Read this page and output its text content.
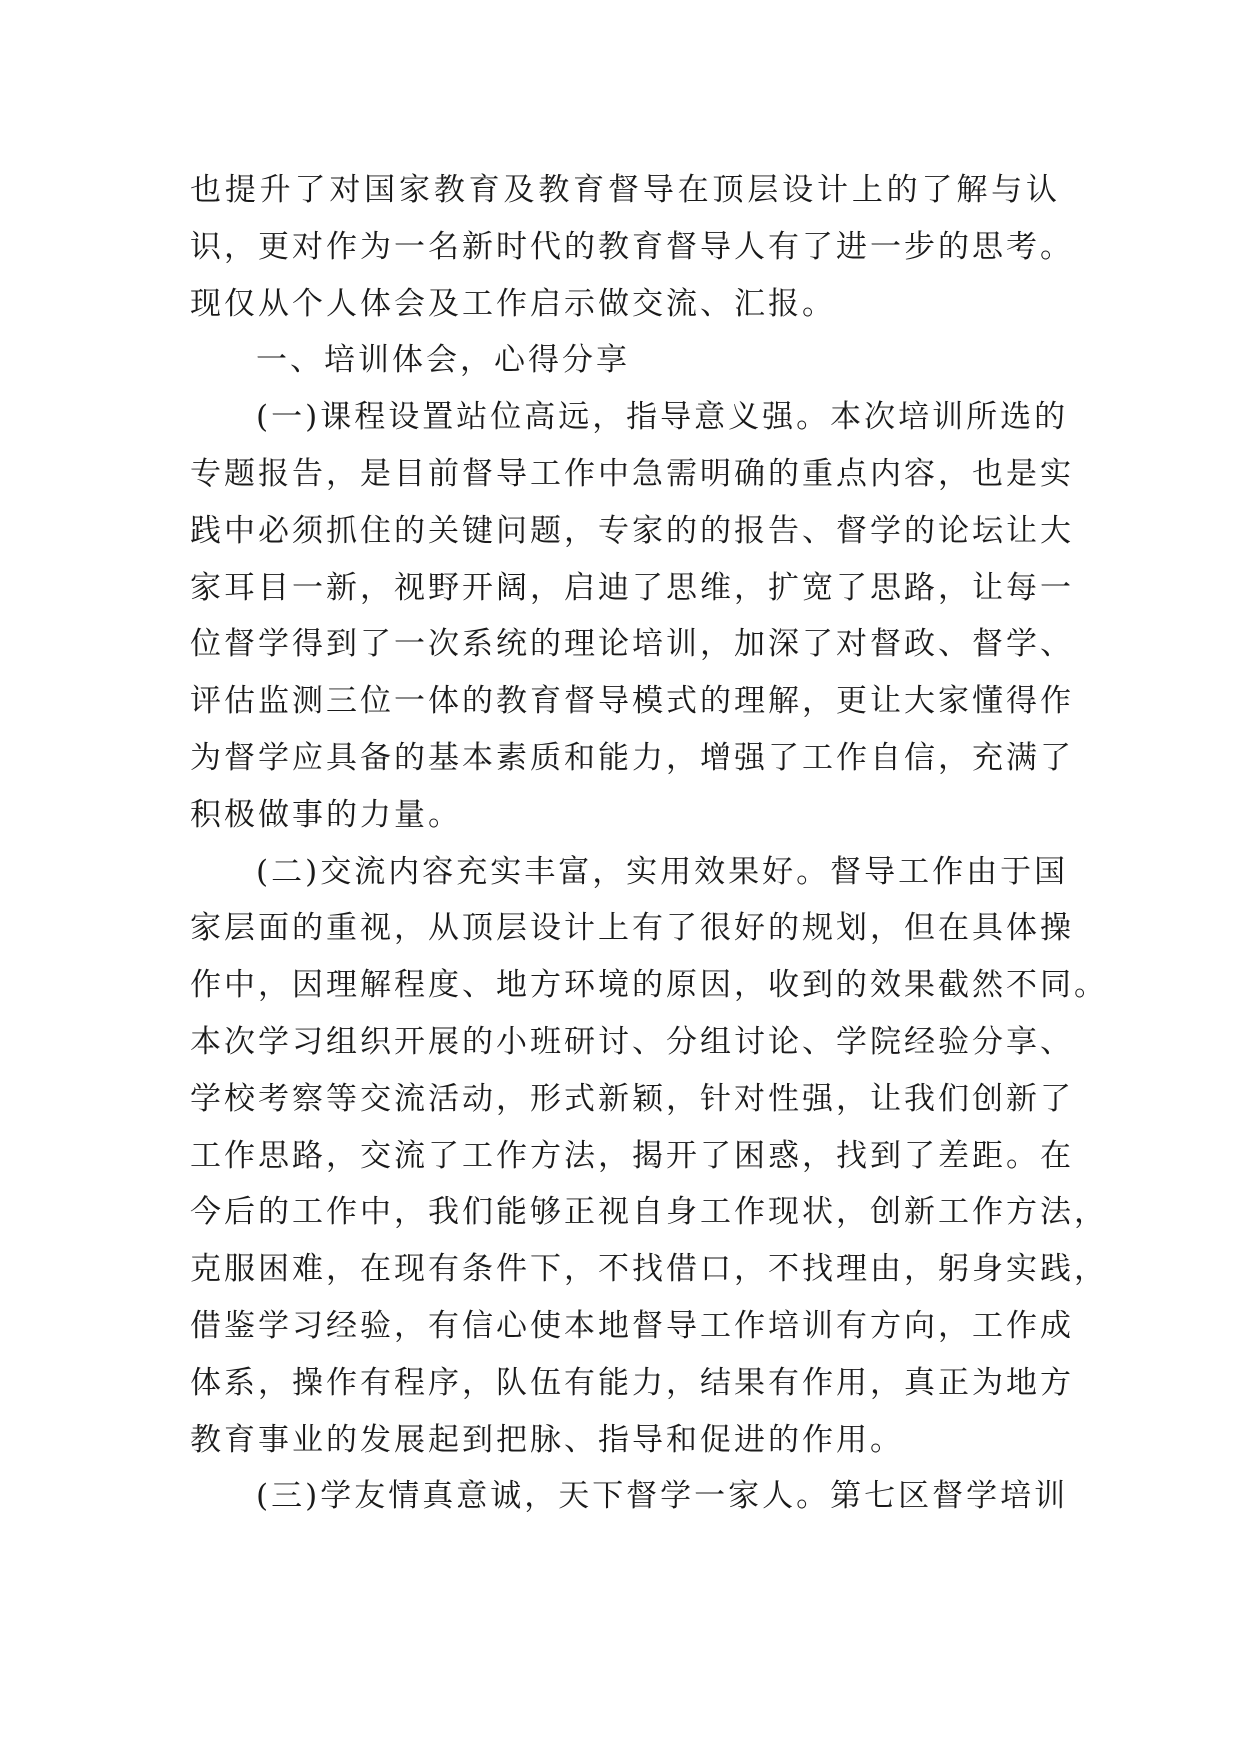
也提升了对国家教育及教育督导在顶层设计上的了解与认
识，更对作为一名新时代的教育督导人有了进一步的思考。
现仅从个人体会及工作启示做交流、汇报。
一、培训体会，心得分享
(一)课程设置站位高远，指导意义强。本次培训所选的
专题报告，是目前督导工作中急需明确的重点内容，也是实
践中必须抓住的关键问题，专家的的报告、督学的论坛让大
家耳目一新，视野开阔，启迪了思维，扩宽了思路，让每一
位督学得到了一次系统的理论培训，加深了对督政、督学、
评估监测三位一体的教育督导模式的理解，更让大家懂得作
为督学应具备的基本素质和能力，增强了工作自信，充满了
积极做事的力量。
(二)交流内容充实丰富，实用效果好。督导工作由于国
家层面的重视，从顶层设计上有了很好的规划，但在具体操
作中，因理解程度、地方环境的原因，收到的效果截然不同。
本次学习组织开展的小班研讨、分组讨论、学院经验分享、
学校考察等交流活动，形式新颖，针对性强，让我们创新了
工作思路，交流了工作方法，揭开了困惑，找到了差距。在
今后的工作中，我们能够正视自身工作现状，创新工作方法，
克服困难，在现有条件下，不找借口，不找理由，躬身实践，
借鉴学习经验，有信心使本地督导工作培训有方向，工作成
体系，操作有程序，队伍有能力，结果有作用，真正为地方
教育事业的发展起到把脉、指导和促进的作用。
(三)学友情真意诚，天下督学一家人。第七区督学培训
